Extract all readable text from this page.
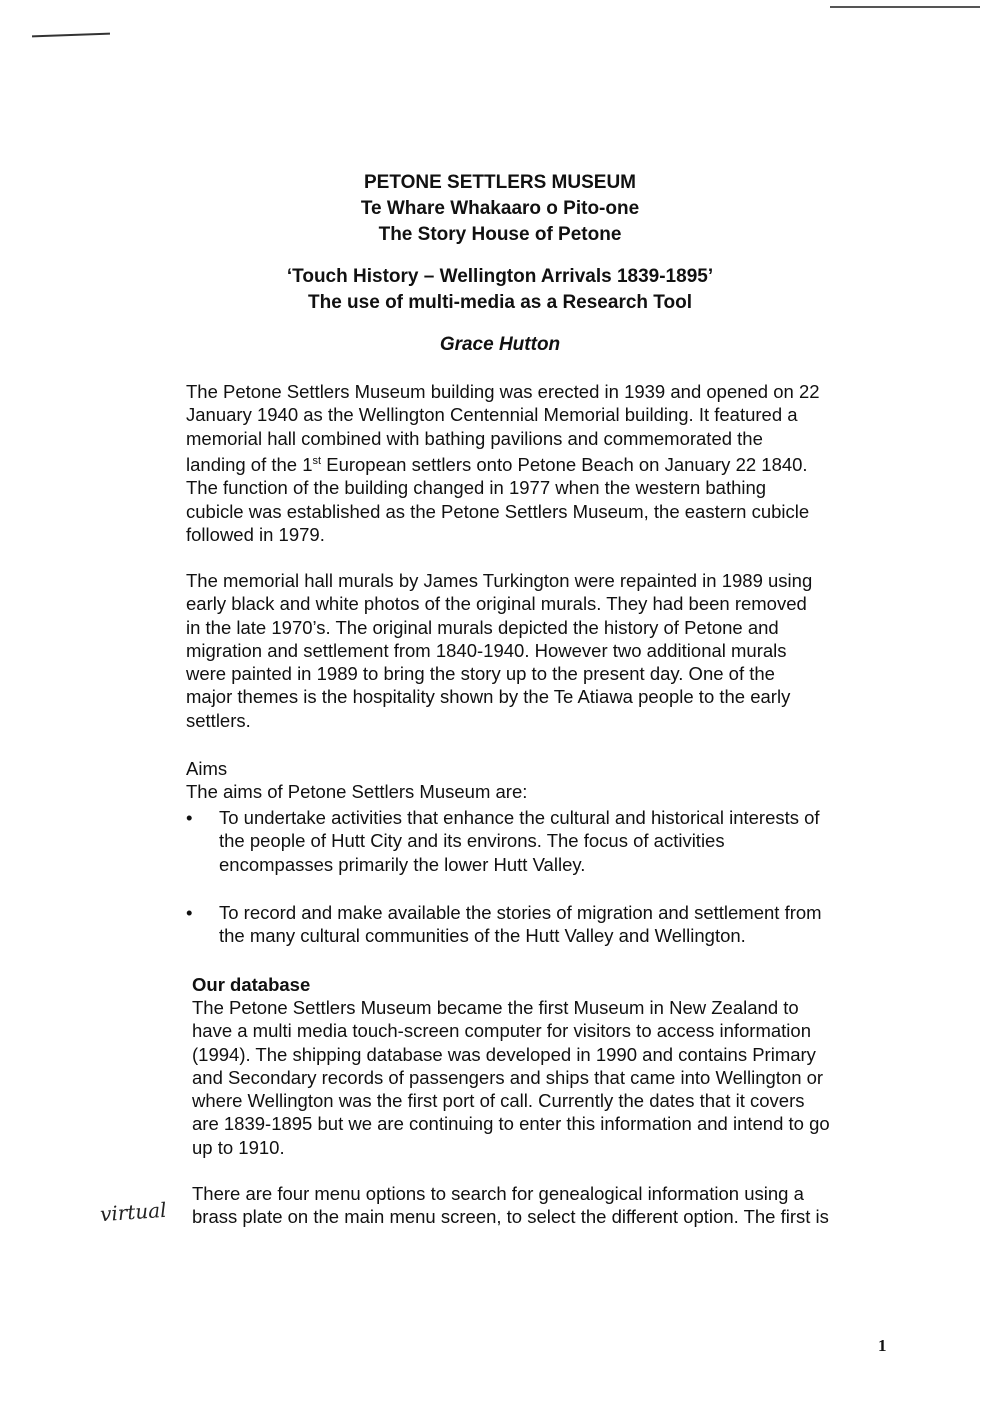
PETONE SETTLERS MUSEUM
Te Whare Whakaaro o Pito-one
The Story House of Petone
‘Touch History – Wellington Arrivals 1839-1895’
The use of multi-media as a Research Tool
Grace Hutton
The Petone Settlers Museum building was erected in 1939 and opened on 22
January 1940 as the Wellington Centennial Memorial building. It featured a
memorial hall combined with bathing pavilions and commemorated the
landing of the 1st European settlers onto Petone Beach on January 22 1840.
The function of the building changed in 1977 when the western bathing
cubicle was established as the Petone Settlers Museum, the eastern cubicle
followed in 1979.
The memorial hall murals by James Turkington were repainted in 1989 using
early black and white photos of the original murals. They had been removed
in the late 1970’s. The original murals depicted the history of Petone and
migration and settlement from 1840-1940. However two additional murals
were painted in 1989 to bring the story up to the present day. One of the
major themes is the hospitality shown by the Te Atiawa people to the early
settlers.
Aims
The aims of Petone Settlers Museum are:
•	To undertake activities that enhance the cultural and historical interests of
the people of Hutt City and its environs. The focus of activities
encompasses primarily the lower Hutt Valley.
•	To record and make available the stories of migration and settlement from
the many cultural communities of the Hutt Valley and Wellington.
Our database
The Petone Settlers Museum became the first Museum in New Zealand to
have a multi media touch-screen computer for visitors to access information
(1994). The shipping database was developed in 1990 and contains Primary
and Secondary records of passengers and ships that came into Wellington or
where Wellington was the first port of call. Currently the dates that it covers
are 1839-1895 but we are continuing to enter this information and intend to go
up to 1910.
There are four menu options to search for genealogical information using a
brass plate on the main menu screen, to select the different option. The first is
virtual
1
